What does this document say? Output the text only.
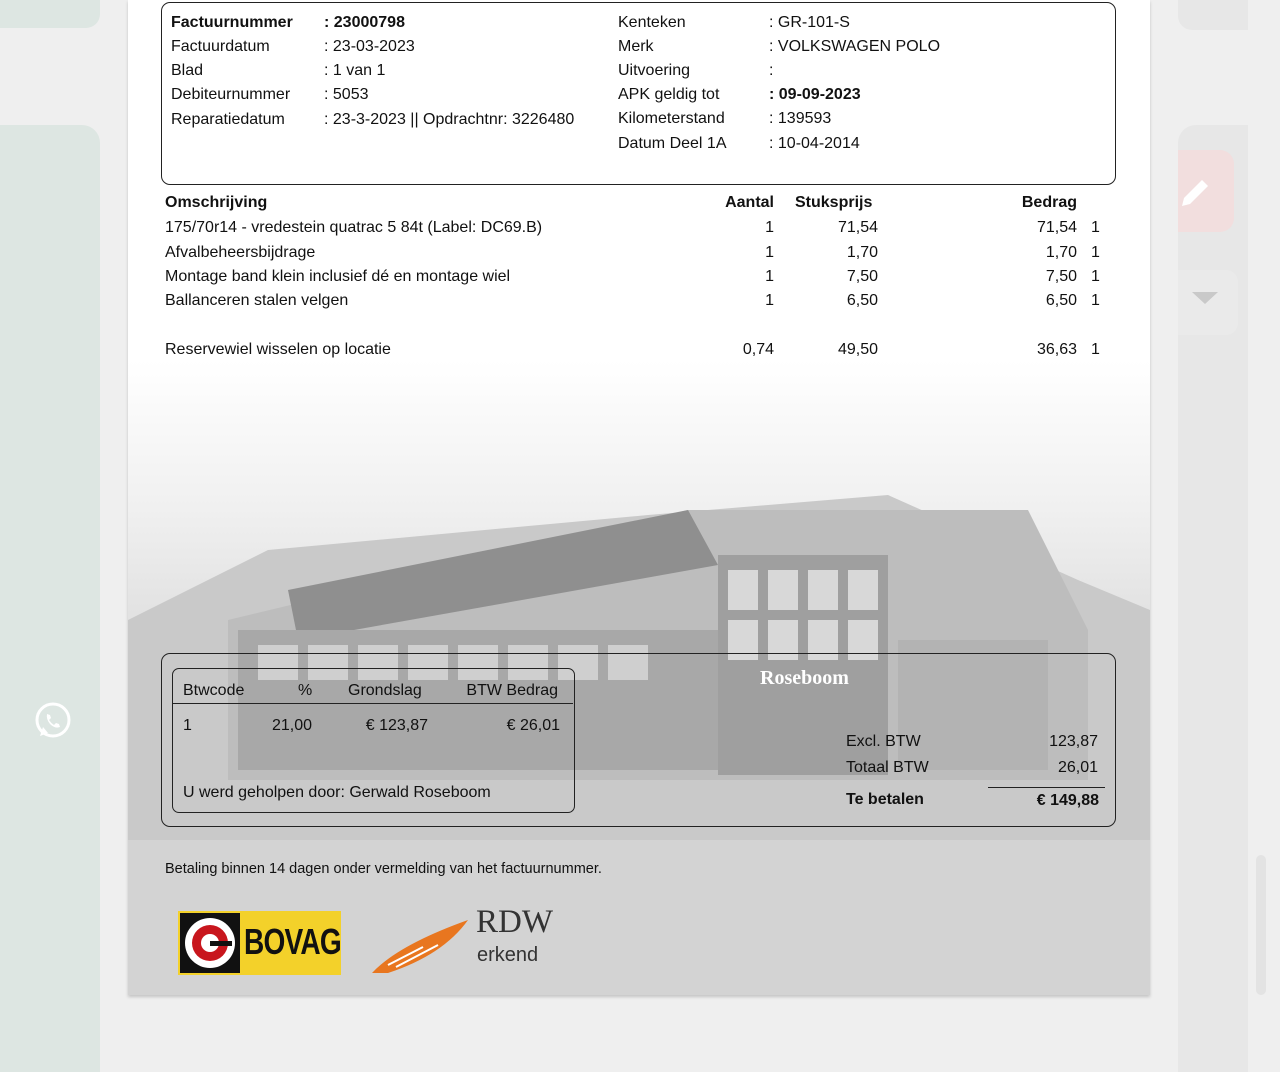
Roseboom
Factuurnummer : 23000798
Factuurdatum	: 23-03-2023
Blad	: 1 van 1
Debiteurnummer : 5053
Reparatiedatum : 23-3-2023 || Opdrachtnr: 3226480
Kenteken	: GR-101-S
Merk	: VOLKSWAGEN POLO
Uitvoering	:
APK geldig tot	: 09-09-2023
Kilometerstand	: 139593
Datum Deel 1A	: 10-04-2014
Omschrijving	Aantal Stuksprijs	Bedrag
175/70r14 - vredestein quatrac 5 84t (Label: DC69.B)	1	71,54	71,54 1
Afvalbeheersbijdrage	1	1,70	1,70 1
Montage band klein inclusief dé en montage wiel	1	7,50	7,50 1
Ballanceren stalen velgen	1	6,50	6,50 1
Reservewiel wisselen op locatie	0,74	49,50	36,63 1
Btwcode	% Grondslag	BTW Bedrag
1	21,00	€ 123,87	€ 26,01
U werd geholpen door: Gerwald Roseboom
Excl. BTW	123,87
Totaal BTW	26,01
Te betalen	€ 149,88
Betaling binnen 14 dagen onder vermelding van het factuurnummer.
BOVAG	RDW
erkend
